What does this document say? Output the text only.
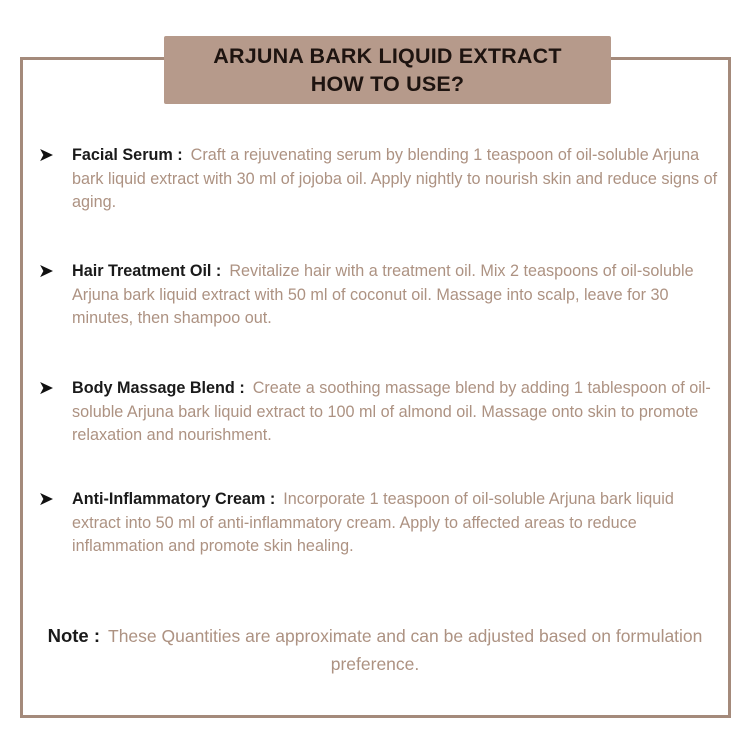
ARJUNA BARK LIQUID EXTRACT
HOW TO USE?
➤ Facial Serum : Craft a rejuvenating serum by blending 1 teaspoon of oil-soluble Arjuna bark liquid extract with 30 ml of jojoba oil. Apply nightly to nourish skin and reduce signs of aging.
➤ Hair Treatment Oil : Revitalize hair with a treatment oil. Mix 2 teaspoons of oil-soluble Arjuna bark liquid extract with 50 ml of coconut oil. Massage into scalp, leave for 30 minutes, then shampoo out.
➤ Body Massage Blend : Create a soothing massage blend by adding 1 tablespoon of oil-soluble Arjuna bark liquid extract to 100 ml of almond oil. Massage onto skin to promote relaxation and nourishment.
➤ Anti-Inflammatory Cream : Incorporate 1 teaspoon of oil-soluble Arjuna bark liquid extract into 50 ml of anti-inflammatory cream. Apply to affected areas to reduce inflammation and promote skin healing.
Note : These Quantities are approximate and can be adjusted based on formulation preference.
